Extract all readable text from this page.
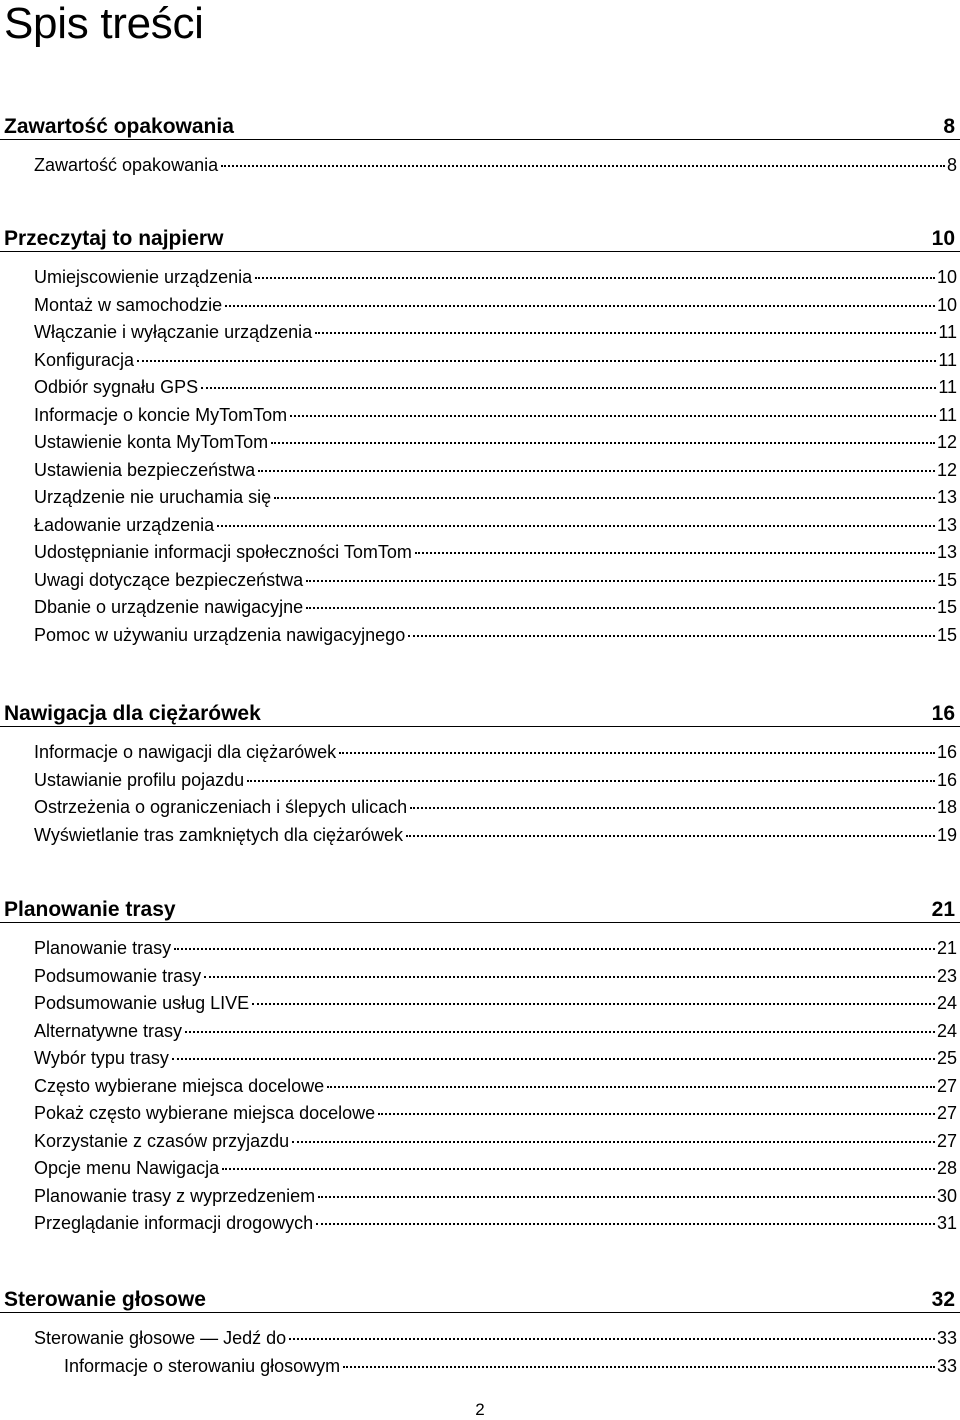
Spis treści
Zawartość opakowania	8
Zawartość opakowania	8
Przeczytaj to najpierw	10
Umiejscowienie urządzenia	10
Montaż w samochodzie	10
Włączanie i wyłączanie urządzenia	11
Konfiguracja	11
Odbiór sygnału GPS	11
Informacje o koncie MyTomTom	11
Ustawienie konta MyTomTom	12
Ustawienia bezpieczeństwa	12
Urządzenie nie uruchamia się	13
Ładowanie urządzenia	13
Udostępnianie informacji społeczności TomTom	13
Uwagi dotyczące bezpieczeństwa	15
Dbanie o urządzenie nawigacyjne	15
Pomoc w używaniu urządzenia nawigacyjnego	15
Nawigacja dla ciężarówek	16
Informacje o nawigacji dla ciężarówek	16
Ustawianie profilu pojazdu	16
Ostrzeżenia o ograniczeniach i ślepych ulicach	18
Wyświetlanie tras zamkniętych dla ciężarówek	19
Planowanie trasy	21
Planowanie trasy	21
Podsumowanie trasy	23
Podsumowanie usług LIVE	24
Alternatywne trasy	24
Wybór typu trasy	25
Często wybierane miejsca docelowe	27
Pokaż często wybierane miejsca docelowe	27
Korzystanie z czasów przyjazdu	27
Opcje menu Nawigacja	28
Planowanie trasy z wyprzedzeniem	30
Przeglądanie informacji drogowych	31
Sterowanie głosowe	32
Sterowanie głosowe — Jedź do	33
Informacje o sterowaniu głosowym	33
2
